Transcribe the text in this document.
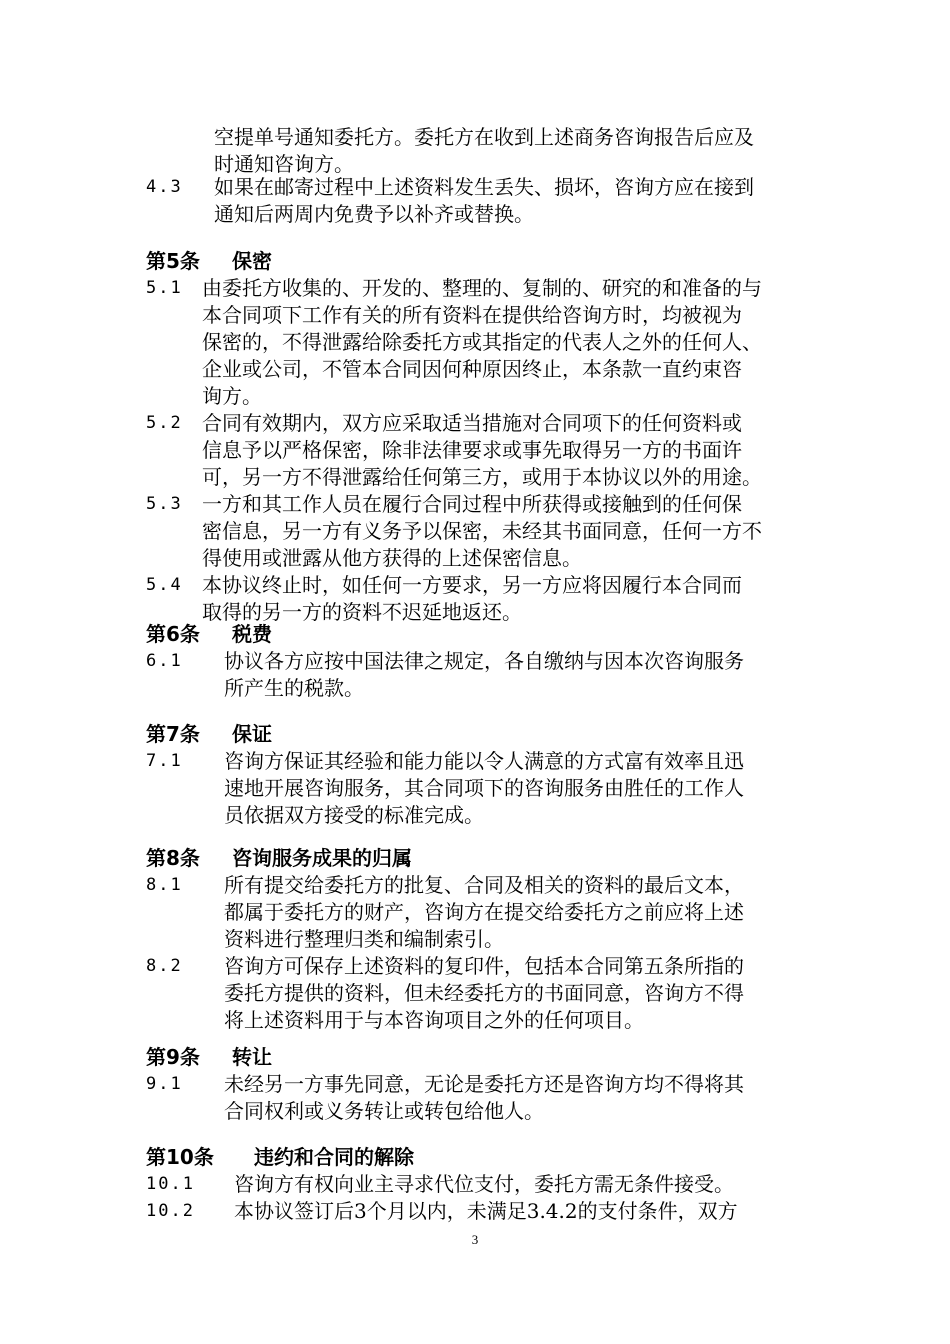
空提单号通知委托方。委托方在收到上述商务咨询报告后应及
时通知咨询方。
4.3 如果在邮寄过程中上述资料发生丢失、损坏，咨询方应在接到
通知后两周内免费予以补齐或替换。
第5条 保密
5.1 由委托方收集的、开发的、整理的、复制的、研究的和准备的与
本合同项下工作有关的所有资料在提供给咨询方时，均被视为
保密的，不得泄露给除委托方或其指定的代表人之外的任何人、
企业或公司，不管本合同因何种原因终止，本条款一直约束咨
询方。
5.2 合同有效期内，双方应采取适当措施对合同项下的任何资料或
信息予以严格保密，除非法律要求或事先取得另一方的书面许
可，另一方不得泄露给任何第三方，或用于本协议以外的用途。
5.3 一方和其工作人员在履行合同过程中所获得或接触到的任何保
密信息，另一方有义务予以保密，未经其书面同意，任何一方不
得使用或泄露从他方获得的上述保密信息。
5.4 本协议终止时，如任何一方要求，另一方应将因履行本合同而
取得的另一方的资料不迟延地返还。
第6条 税费
6.1 协议各方应按中国法律之规定，各自缴纳与因本次咨询服务
所产生的税款。
第7条 保证
7.1 咨询方保证其经验和能力能以令人满意的方式富有效率且迅
速地开展咨询服务，其合同项下的咨询服务由胜任的工作人
员依据双方接受的标准完成。
第8条 咨询服务成果的归属
8.1 所有提交给委托方的批复、合同及相关的资料的最后文本，
都属于委托方的财产，咨询方在提交给委托方之前应将上述
资料进行整理归类和编制索引。
8.2 咨询方可保存上述资料的复印件，包括本合同第五条所指的
委托方提供的资料，但未经委托方的书面同意，咨询方不得
将上述资料用于与本咨询项目之外的任何项目。
第9条 转让
9.1 未经另一方事先同意，无论是委托方还是咨询方均不得将其
合同权利或义务转让或转包给他人。
第10条 违约和合同的解除
10.1 咨询方有权向业主寻求代位支付，委托方需无条件接受。
10.2 本协议签订后3个月以内，未满足3.4.2的支付条件，双方
3
